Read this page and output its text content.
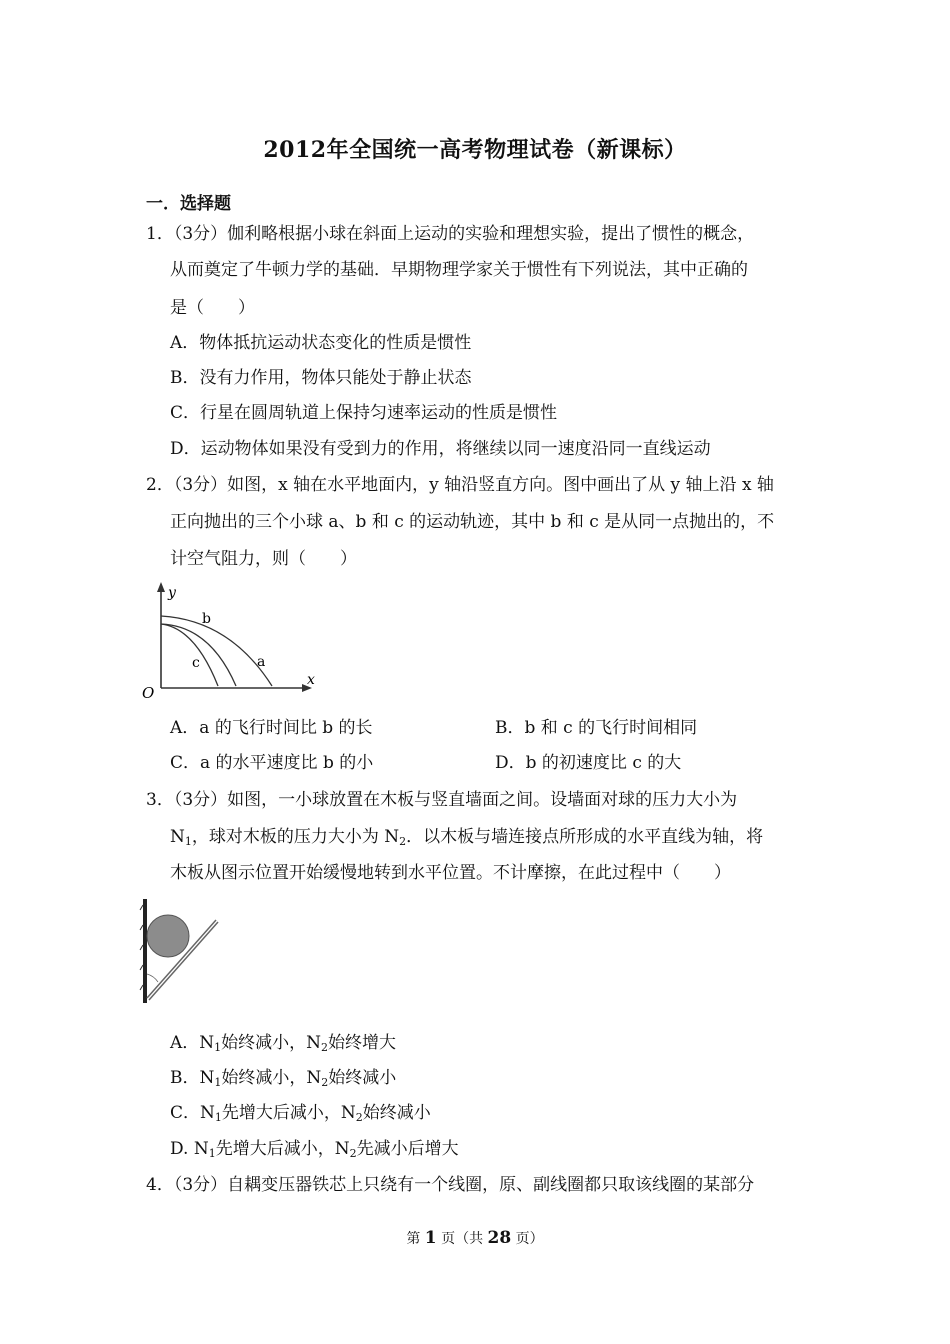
2012年全国统一高考物理试卷（新课标）
一．选择题
1．（3分）伽利略根据小球在斜面上运动的实验和理想实验，提出了惯性的概念，
从而奠定了牛顿力学的基础．早期物理学家关于惯性有下列说法，其中正确的
是（　　）
A．物体抵抗运动状态变化的性质是惯性
B．没有力作用，物体只能处于静止状态
C．行星在圆周轨道上保持匀速率运动的性质是惯性
D．运动物体如果没有受到力的作用，将继续以同一速度沿同一直线运动
2．（3分）如图，x 轴在水平地面内，y 轴沿竖直方向。图中画出了从 y 轴上沿 x 轴
正向抛出的三个小球 a、b 和 c 的运动轨迹，其中 b 和 c 是从同一点抛出的，不
计空气阻力，则（　　）
y
x
O
b
c	a
A．a 的飞行时间比 b 的长	B．b 和 c 的飞行时间相同
C．a 的水平速度比 b 的小	D．b 的初速度比 c 的大
3．（3分）如图，一小球放置在木板与竖直墙面之间。设墙面对球的压力大小为
$N_1$，球对木板的压力大小为 $N_2$．以木板与墙连接点所形成的水平直线为轴，将
木板从图示位置开始缓慢地转到水平位置。不计摩擦，在此过程中（　　）
A．$N_1$始终减小，$N_2$始终增大
B．$N_1$始终减小，$N_2$始终减小
C．$N_1$先增大后减小，$N_2$始终减小
D. $N_1$先增大后减小，$N_2$先减小后增大
4．（3分）自耦变压器铁芯上只绕有一个线圈，原、副线圈都只取该线圈的某部分
第 1 页（共 28 页）
